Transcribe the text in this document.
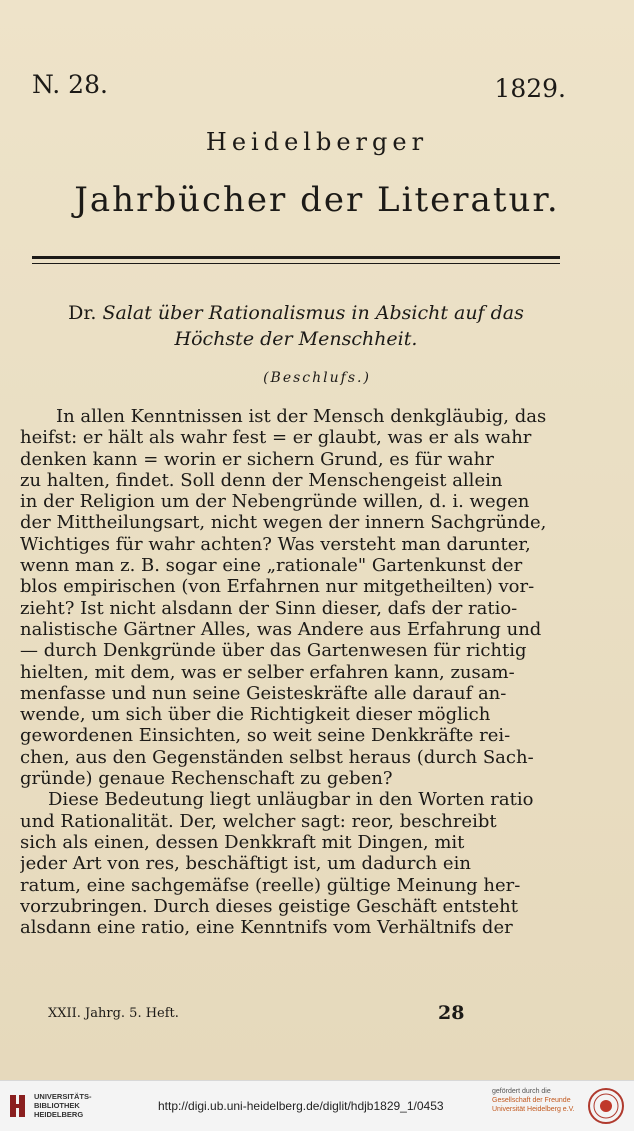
N. 28.	1829.
Heidelberger
Jahrbücher der Literatur.
Dr. Salat über Rationalismus in Absicht auf das
Höchste der Menschheit.
(Beschlufs.)
In allen Kenntnissen ist der Mensch denkgläubig, das
heifst: er hält als wahr fest = er glaubt, was er als wahr
denken kann = worin er sichern Grund, es für wahr
zu halten, findet. Soll denn der Menschengeist allein
in der Religion um der Nebengründe willen, d. i. wegen
der Mittheilungsart, nicht wegen der innern Sachgründe,
Wichtiges für wahr achten? Was versteht man darunter,
wenn man z. B. sogar eine „rationale" Gartenkunst der
blos empirischen (von Erfahrnen nur mitgetheilten) vor-
zieht? Ist nicht alsdann der Sinn dieser, dafs der ratio-
nalistische Gärtner Alles, was Andere aus Erfahrung und
— durch Denkgründe über das Gartenwesen für richtig
hielten, mit dem, was er selber erfahren kann, zusam-
menfasse und nun seine Geisteskräfte alle darauf an-
wende, um sich über die Richtigkeit dieser möglich
gewordenen Einsichten, so weit seine Denkkräfte rei-
chen, aus den Gegenständen selbst heraus (durch Sach-
gründe) genaue Rechenschaft zu geben?
Diese Bedeutung liegt unläugbar in den Worten ratio
und Rationalität. Der, welcher sagt: reor, beschreibt
sich als einen, dessen Denkkraft mit Dingen, mit
jeder Art von res, beschäftigt ist, um dadurch ein
ratum, eine sachgemäfse (reelle) gültige Meinung her-
vorzubringen. Durch dieses geistige Geschäft entsteht
alsdann eine ratio, eine Kenntnifs vom Verhältnifs der
XXII. Jahrg. 5. Heft.	28
UNIVERSITÄTS-
BIBLIOTHEK
HEIDELBERG
http://digi.ub.uni-heidelberg.de/diglit/hdjb1829_1/0453
gefördert durch die
Gesellschaft der Freunde
Universität Heidelberg e.V.
